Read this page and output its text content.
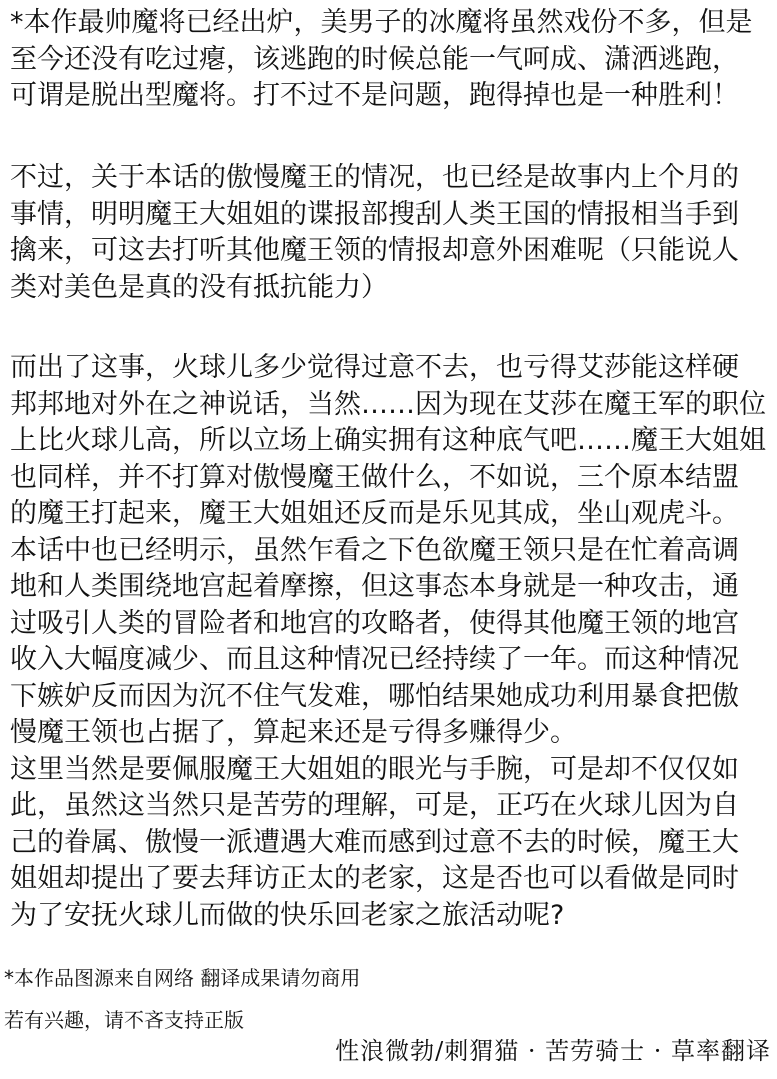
*本作最帅魔将已经出炉，美男子的冰魔将虽然戏份不多，但是
至今还没有吃过瘪，该逃跑的时候总能一气呵成、潇洒逃跑，
可谓是脱出型魔将。打不过不是问题，跑得掉也是一种胜利！
不过，关于本话的傲慢魔王的情况，也已经是故事内上个月的
事情，明明魔王大姐姐的谍报部搜刮人类王国的情报相当手到
擒来，可这去打听其他魔王领的情报却意外困难呢（只能说人
类对美色是真的没有抵抗能力）
而出了这事，火球儿多少觉得过意不去，也亏得艾莎能这样硬
邦邦地对外在之神说话，当然……因为现在艾莎在魔王军的职位
上比火球儿高，所以立场上确实拥有这种底气吧……魔王大姐姐
也同样，并不打算对傲慢魔王做什么，不如说，三个原本结盟
的魔王打起来，魔王大姐姐还反而是乐见其成，坐山观虎斗。
本话中也已经明示，虽然乍看之下色欲魔王领只是在忙着高调
地和人类围绕地宫起着摩擦，但这事态本身就是一种攻击，通
过吸引人类的冒险者和地宫的攻略者，使得其他魔王领的地宫
收入大幅度减少、而且这种情况已经持续了一年。而这种情况
下嫉妒反而因为沉不住气发难，哪怕结果她成功利用暴食把傲
慢魔王领也占据了，算起来还是亏得多赚得少。
这里当然是要佩服魔王大姐姐的眼光与手腕，可是却不仅仅如
此，虽然这当然只是苦劳的理解，可是，正巧在火球儿因为自
己的眷属、傲慢一派遭遇大难而感到过意不去的时候，魔王大
姐姐却提出了要去拜访正太的老家，这是否也可以看做是同时
为了安抚火球儿而做的快乐回老家之旅活动呢?
*本作品图源来自网络 翻译成果请勿商用
若有兴趣，请不吝支持正版
性浪微勃/刺猬猫 · 苦劳骑士 · 草率翻译
